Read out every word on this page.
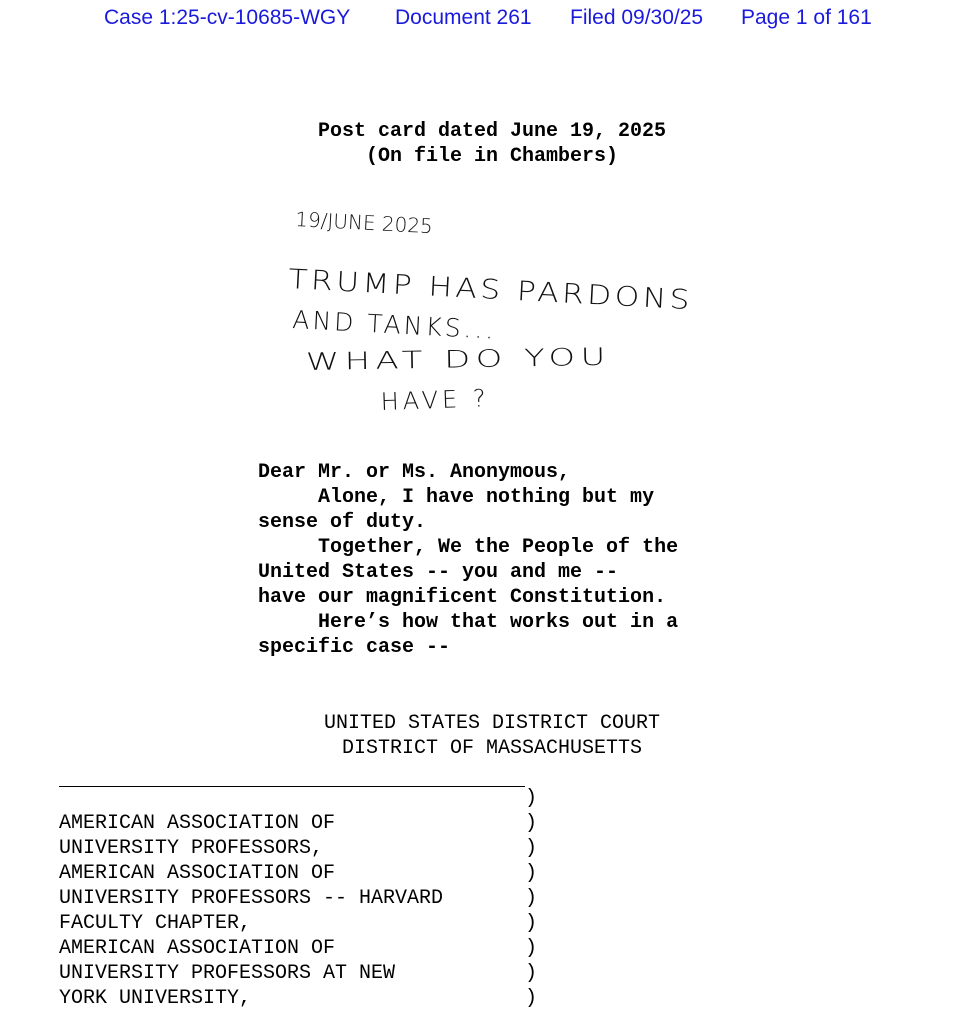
Case 1:25-cv-10685-WGY Document 261 Filed 09/30/25 Page 1 of 161
Post card dated June 19, 2025
(On file in Chambers)
19/JUNE 2025
TRUMP HAS PARDONS
AND TANKS...
WHAT DO YOU
HAVE ?
Dear Mr. or Ms. Anonymous,
Alone, I have nothing but my
sense of duty.
Together, We the People of the
United States -- you and me --
have our magnificent Constitution.
Here’s how that works out in a
specific case --
UNITED STATES DISTRICT COURT
DISTRICT OF MASSACHUSETTS
AMERICAN ASSOCIATION OF
UNIVERSITY PROFESSORS,
AMERICAN ASSOCIATION OF
UNIVERSITY PROFESSORS -- HARVARD
FACULTY CHAPTER,
AMERICAN ASSOCIATION OF
UNIVERSITY PROFESSORS AT NEW
YORK UNIVERSITY,
)
)
)
)
)
)
)
)
)
